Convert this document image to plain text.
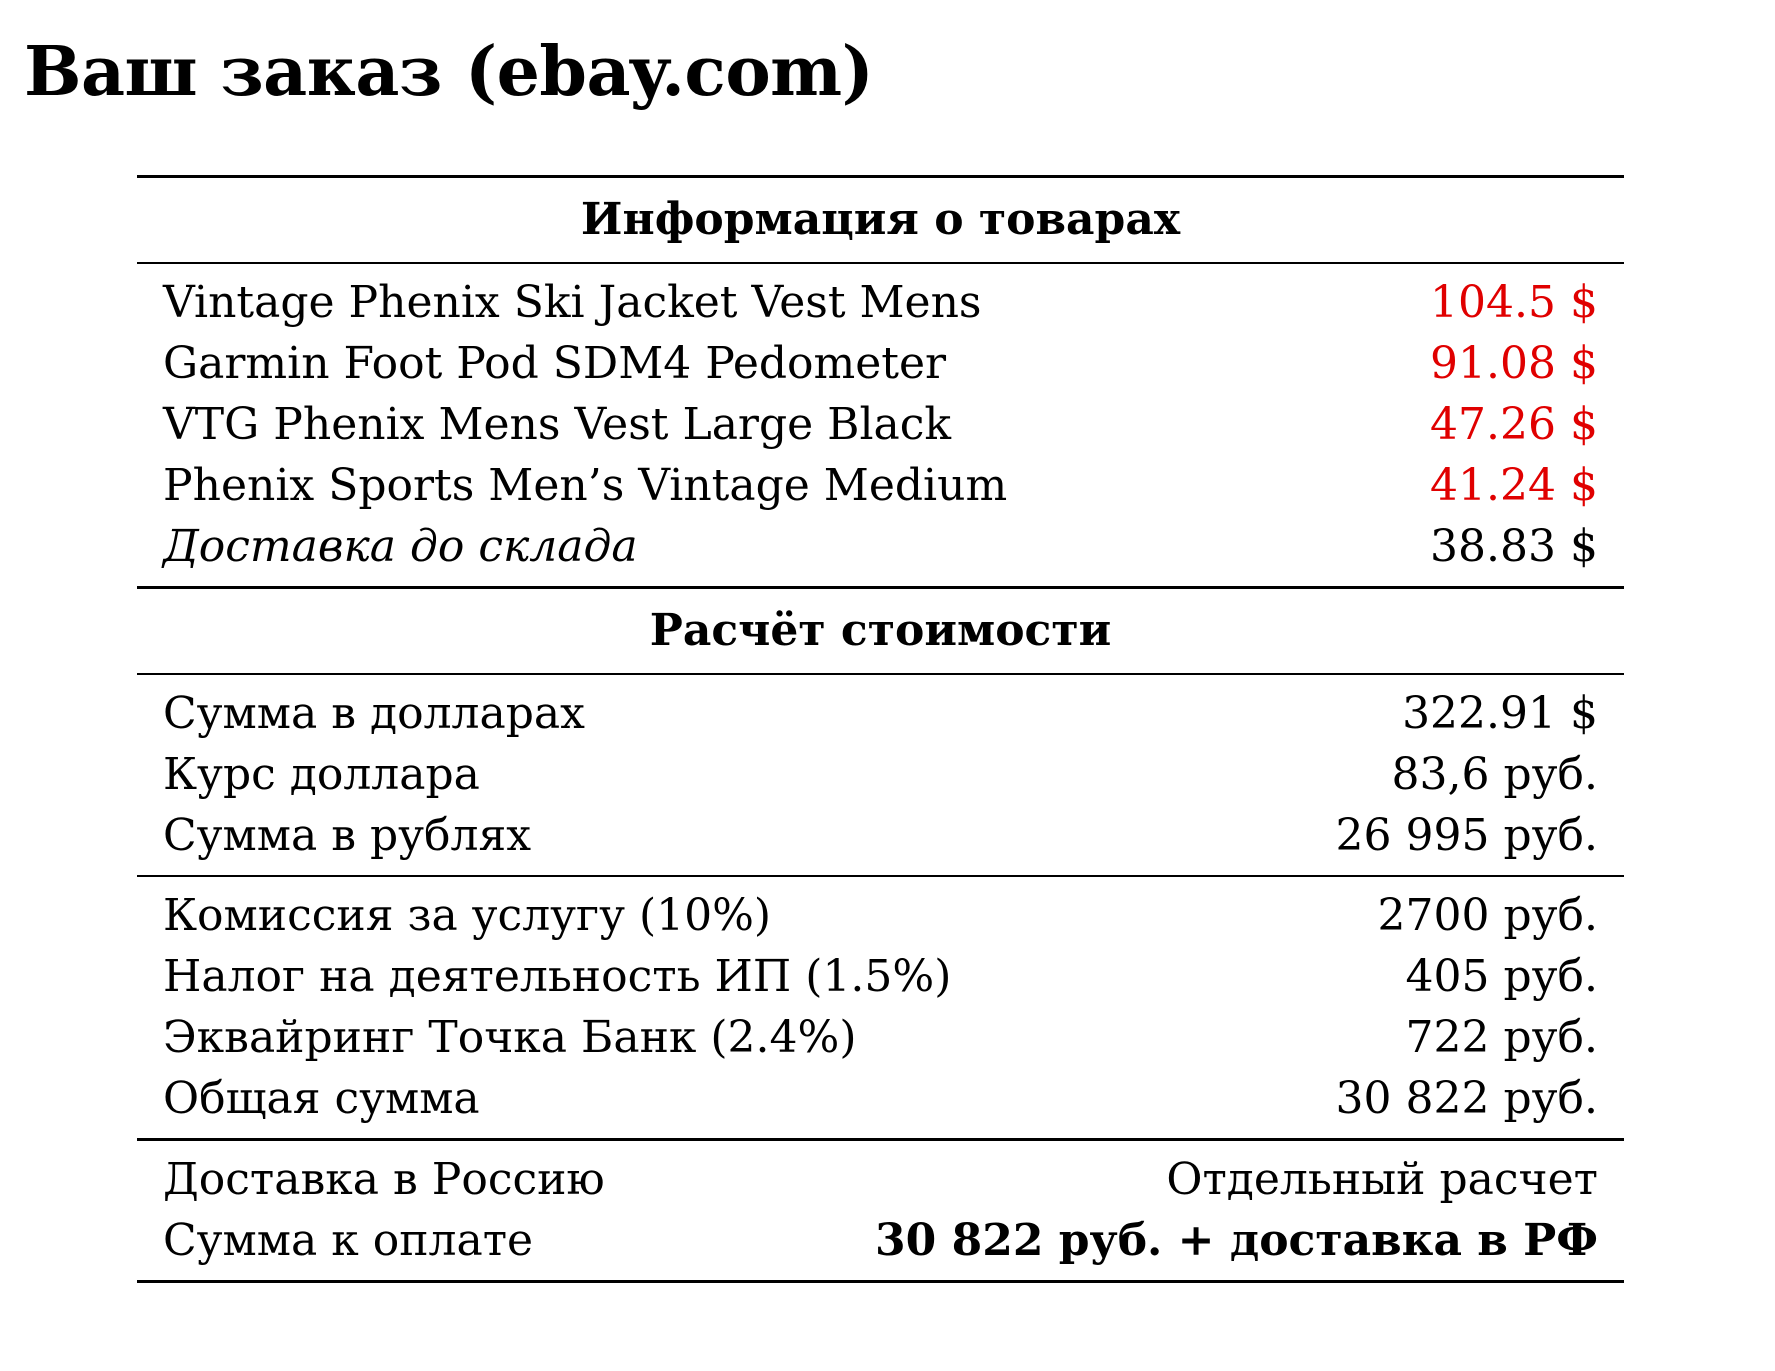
Ваш заказ (ebay.com)
Информация о товарах
Vintage Phenix Ski Jacket Vest Mens	104.5 $
Garmin Foot Pod SDM4 Pedometer	91.08 $
VTG Phenix Mens Vest Large Black	47.26 $
Phenix Sports Men’s Vintage Medium	41.24 $
Доставка до склада	38.83 $
Расчёт стоимости
Сумма в долларах	322.91 $
Курс доллара	83,6 руб.
Сумма в рублях	26 995 руб.
Комиссия за услугу (10%)	2700 руб.
Налог на деятельность ИП (1.5%)	405 руб.
Эквайринг Точка Банк (2.4%)	722 руб.
Общая сумма	30 822 руб.
Доставка в Россию	Отдельный расчет
Сумма к оплате	30 822 руб. + доставка в РФ
